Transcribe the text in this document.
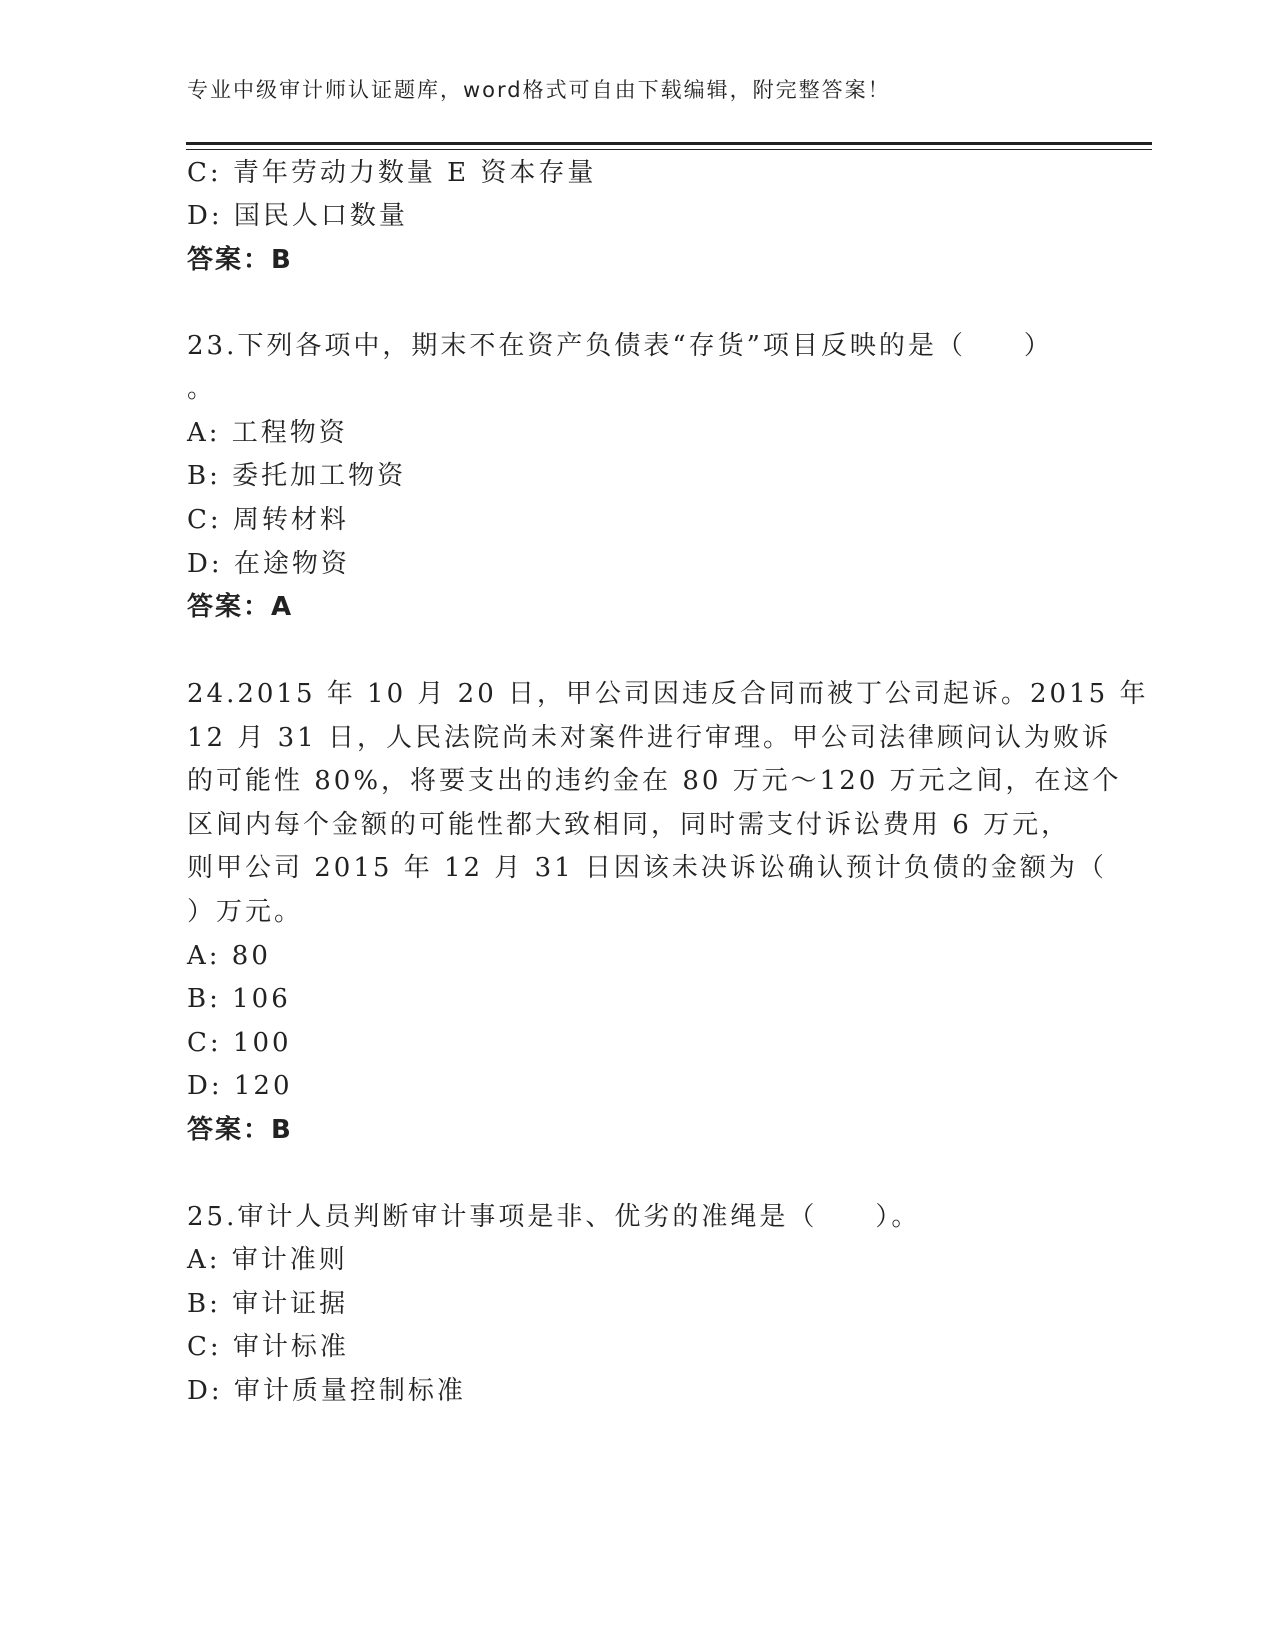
专业中级审计师认证题库，word格式可自由下载编辑，附完整答案！
C: 青年劳动力数量 E 资本存量
D: 国民人口数量
答案：B
23.下列各项中，期末不在资产负债表“存货”项目反映的是（　　）
。
A: 工程物资
B: 委托加工物资
C: 周转材料
D: 在途物资
答案：A
24.2015 年 10 月 20 日，甲公司因违反合同而被丁公司起诉。2015 年
12 月 31 日，人民法院尚未对案件进行审理。甲公司法律顾问认为败诉
的可能性 80%，将要支出的违约金在 80 万元～120 万元之间，在这个
区间内每个金额的可能性都大致相同，同时需支付诉讼费用 6 万元，
则甲公司 2015 年 12 月 31 日因该未决诉讼确认预计负债的金额为（
）万元。
A: 80
B: 106
C: 100
D: 120
答案：B
25.审计人员判断审计事项是非、优劣的准绳是（　　）。
A: 审计准则
B: 审计证据
C: 审计标准
D: 审计质量控制标准
